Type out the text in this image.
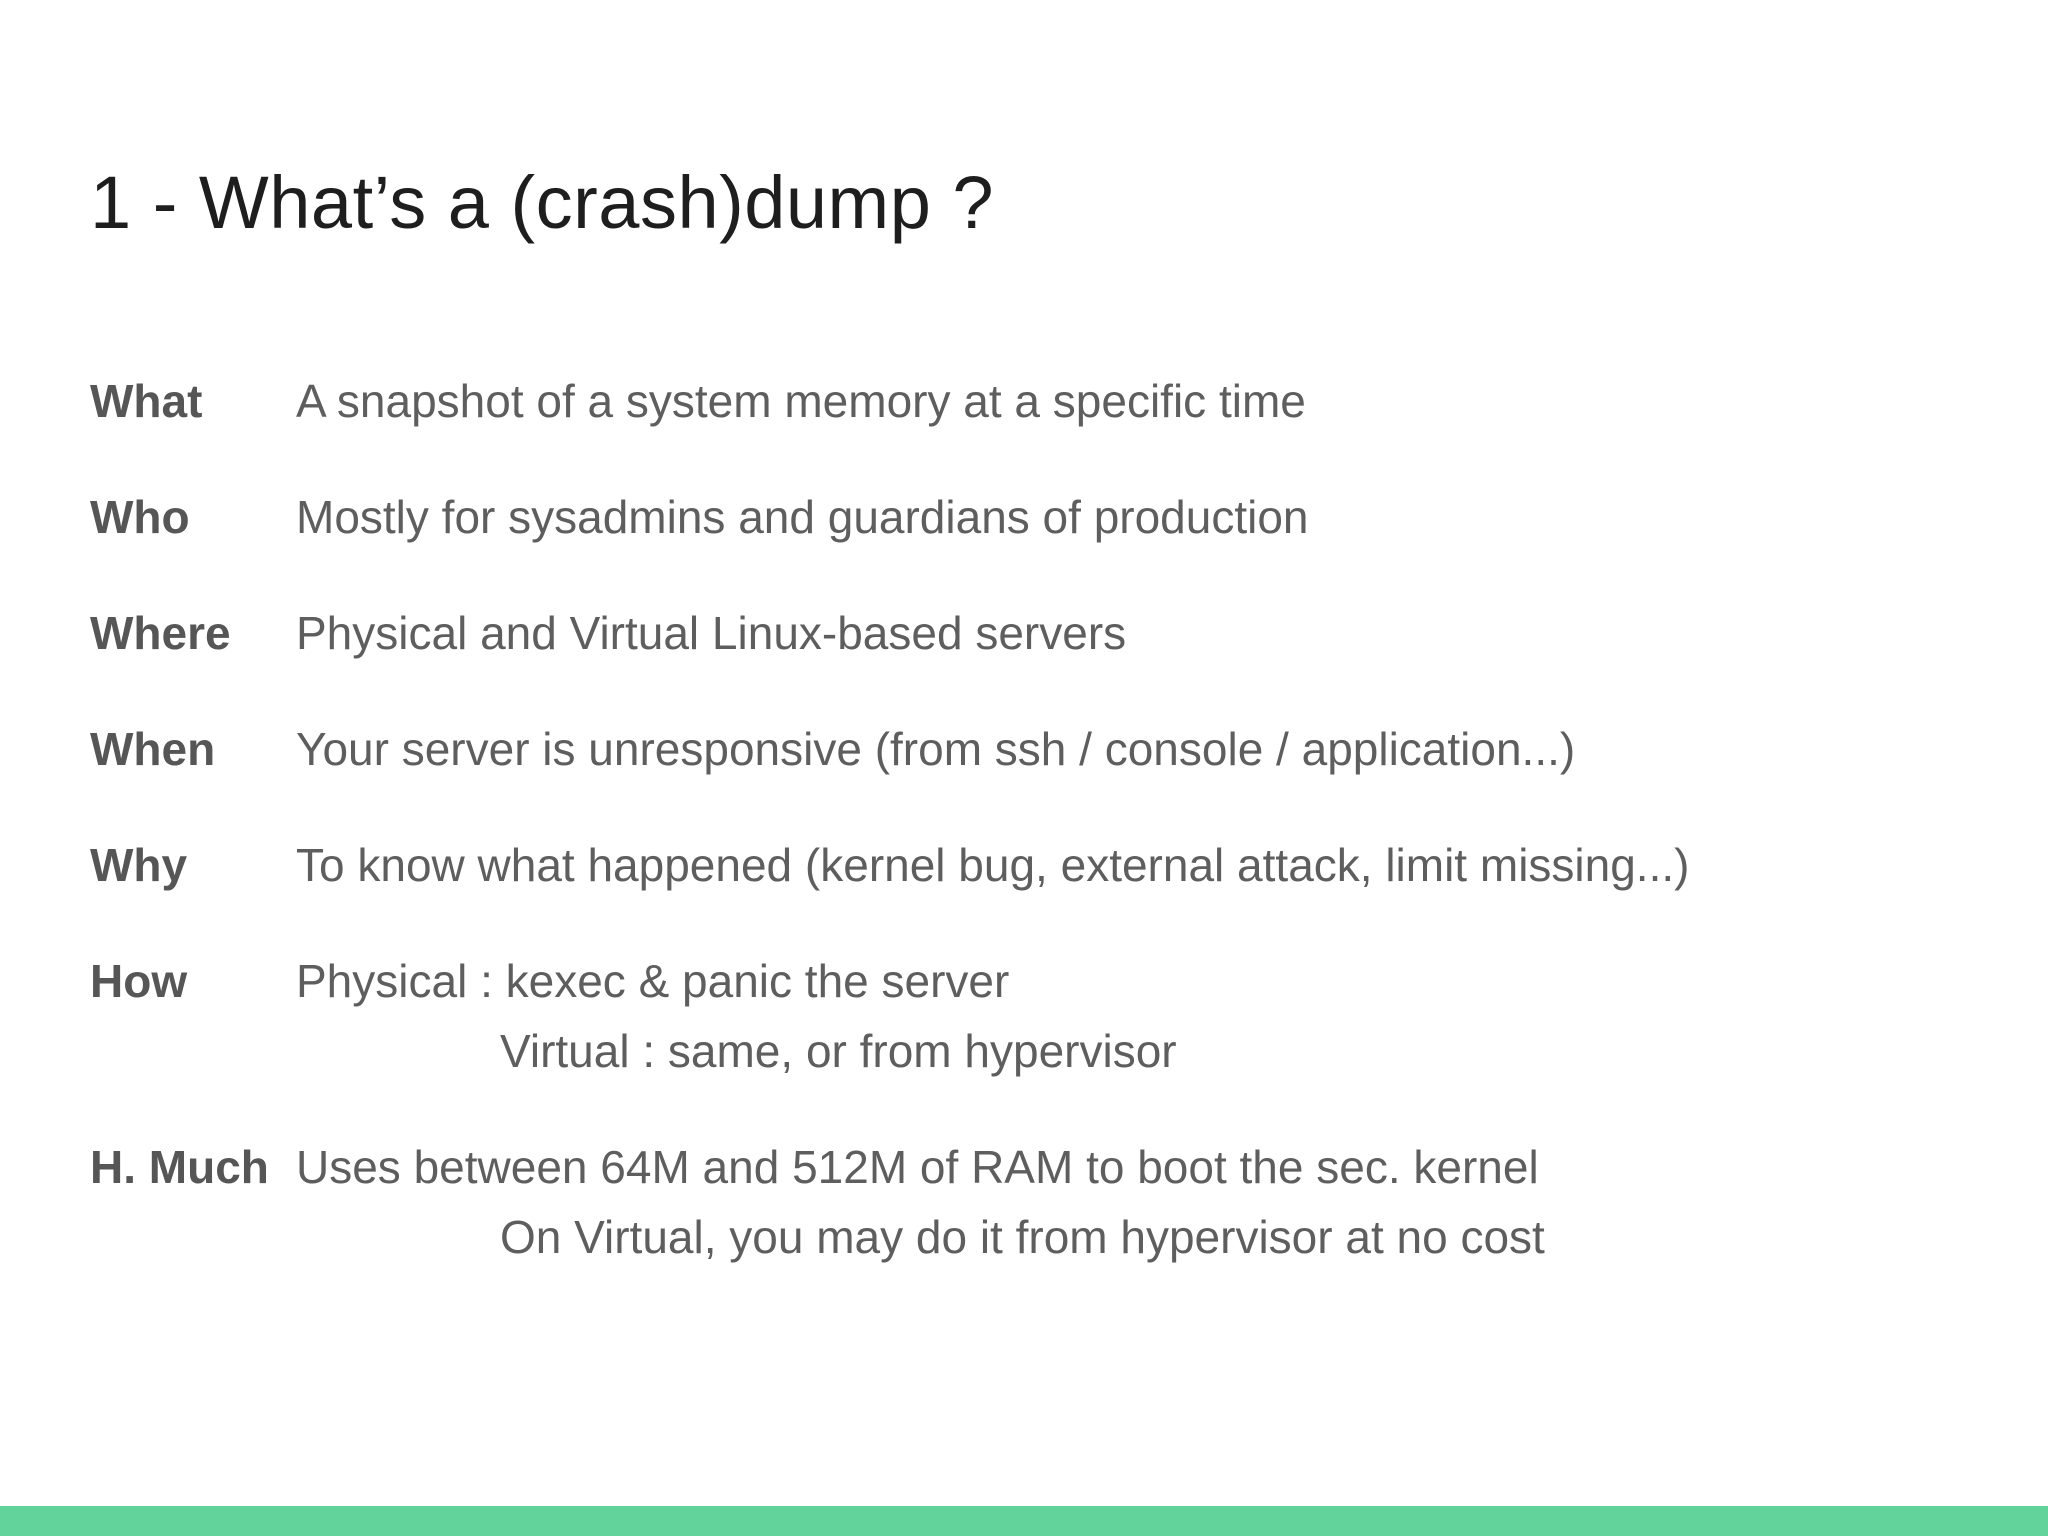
1 - What’s a (crash)dump ?
What A snapshot of a system memory at a specific time
Who Mostly for sysadmins and guardians of production
Where Physical and Virtual Linux-based servers
When Your server is unresponsive (from ssh / console / application...)
Why To know what happened (kernel bug, external attack, limit missing...)
How Physical : kexec & panic the server
Virtual : same, or from hypervisor
H. Much Uses between 64M and 512M of RAM to boot the sec. kernel
On Virtual, you may do it from hypervisor at no cost
